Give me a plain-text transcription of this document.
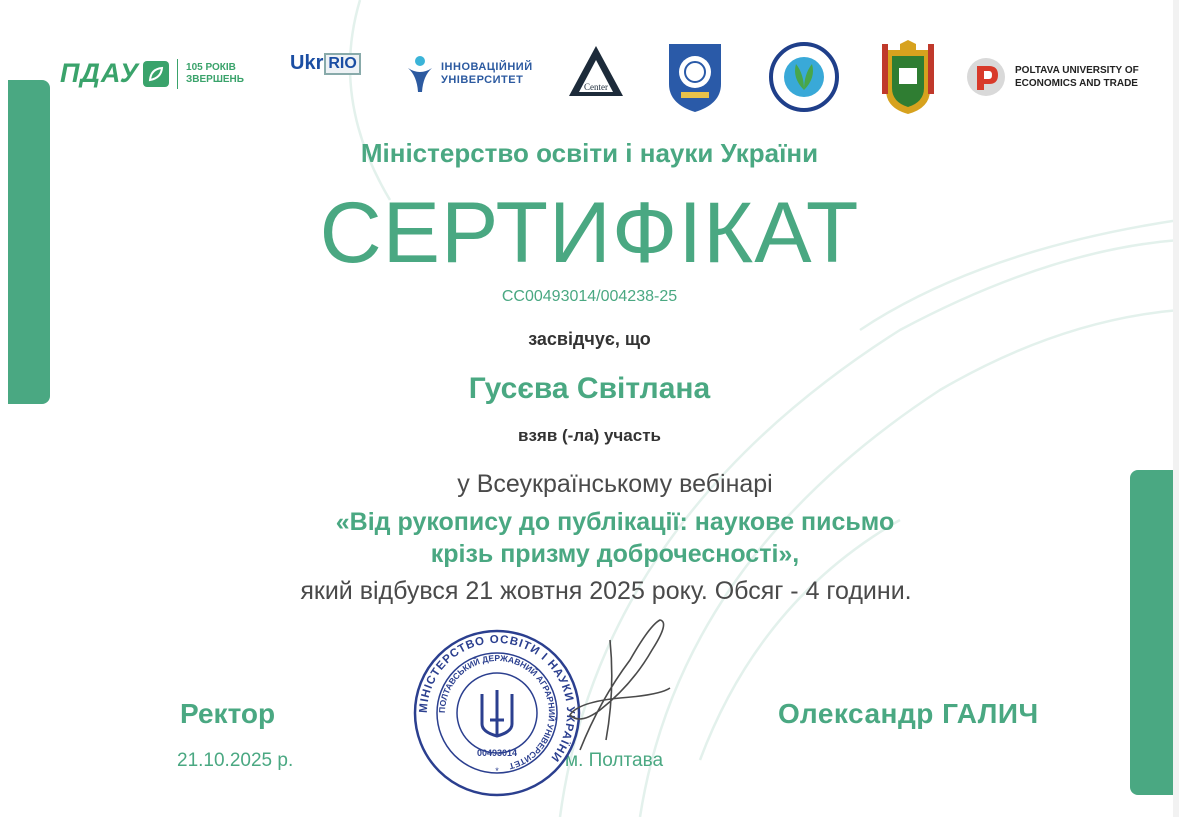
ПДАУ	105 РОКІВ
ЗВЕРШЕНЬ
Ukr RIO	ІННОВАЦІЙНИЙ
УНІВЕРСИТЕТ
Center
POLTAVA UNIVERSITY OF
ECONOMICS AND TRADE
Міністерство освіти і науки України
СЕРТИФІКАТ
CC00493014/004238-25
засвідчує, що
Гусєва Світлана
взяв (-ла) участь
у Всеукраїнському вебінарі
«Від рукопису до публікації: наукове письмо
крізь призму доброчесності»,
який відбувся 21 жовтня 2025 року. Обсяг - 4 години.
Ректор	Олександр ГАЛИЧ
21.10.2025 р.	м. Полтава
МІНІСТЕРСТВО ОСВІТИ І НАУКИ УКРАЇНИ
ПОЛТАВСЬКИЙ ДЕРЖАВНИЙ АГРАРНИЙ УНІВЕРСИТЕТ
00493014
*
